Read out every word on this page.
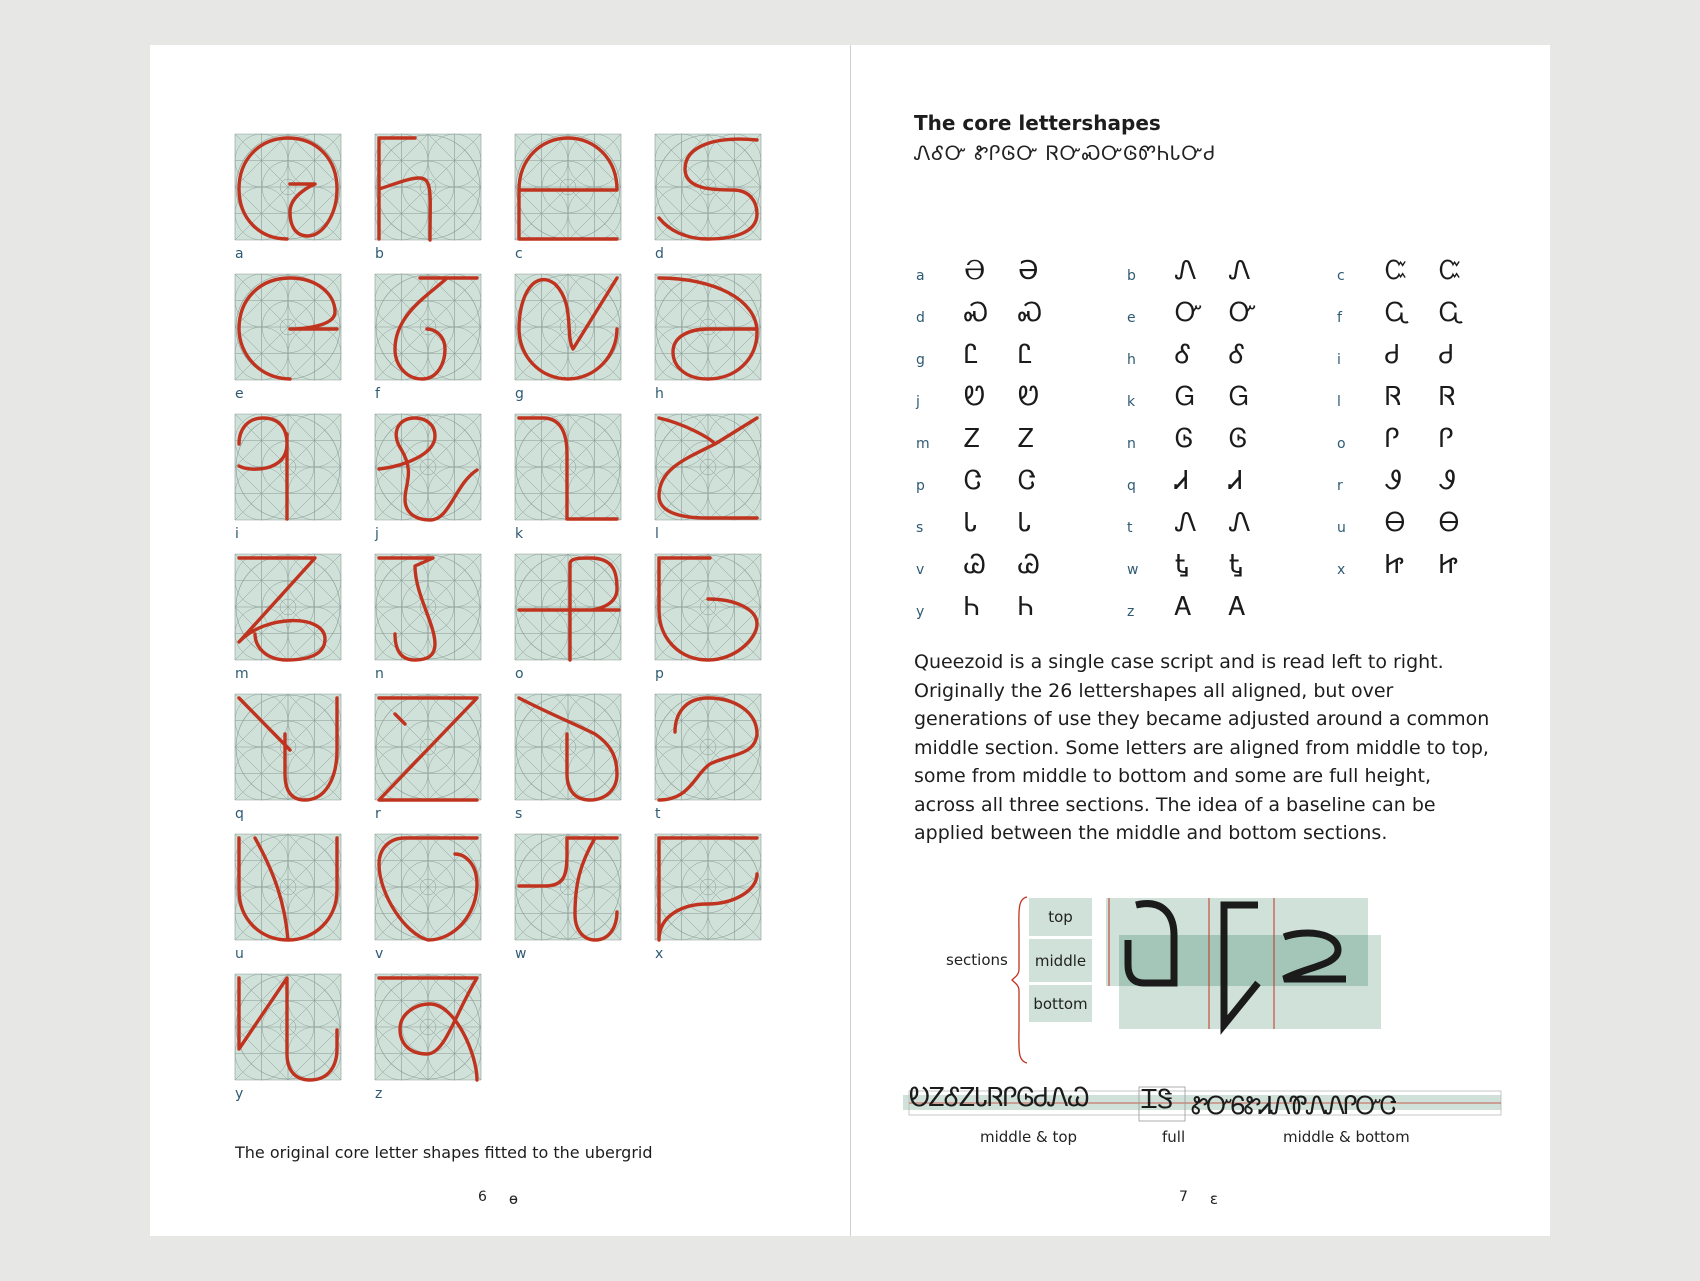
a	b	c	d
e	f	g	h
i	j	k	l
m	n	o	p
q	r	s	t
u	v	w	x
y	z
The original core letter shapes fitted to the ubergrid
6 ɵ
The core lettershapes
ᏁᎴᏅ ᏑᎵᎶᏅ ᏒᏅᏍᏅᎶᏛᏂᏓᏅᏧ
a Ә Ә	b Ꮑ Ꮑ	c Ꮸ Ꮸ
d Ꮝ Ꮝ	e Ꮕ Ꮕ	f Ꮹ Ꮹ
g Ꮭ Ꮭ	h Ꮄ Ꮄ	i Ꮷ Ꮷ
j Ꮼ Ꮼ	k Ꮐ Ꮐ	l Ꮢ Ꮢ
m Ꮓ Ꮓ	n Ꮆ Ꮆ	o Ꮅ Ꮅ
p Ꮳ Ꮳ	q Ꮧ Ꮧ	r Ꮽ Ꮽ
s Ꮣ Ꮣ	t Ꮑ Ꮑ	u Ꮎ Ꮎ
v Ꮚ Ꮚ	w Ꮏ Ꮏ	x Ꮵ Ꮵ
y Ꮒ Ꮒ	z Ꭺ Ꭺ
Queezoid is a single case script and is read left to right. Originally the 26 lettershapes all aligned, but over generations of use they became adjusted around a common middle section. Some letters are aligned from middle to top, some from middle to bottom and some are full height, across all three sections. The idea of a baseline can be applied between the middle and bottom sections.
sections
top
middle
bottom
ᎧᏃᎴᏃᏓᏒᎵᎶᏧᏁᏇ ᏆᏕ ᏑᏅᏮᏑᏗᏁᏈᏁᏁᎵᏅᏣ
middle & top	full	middle & bottom
7 ɛ
